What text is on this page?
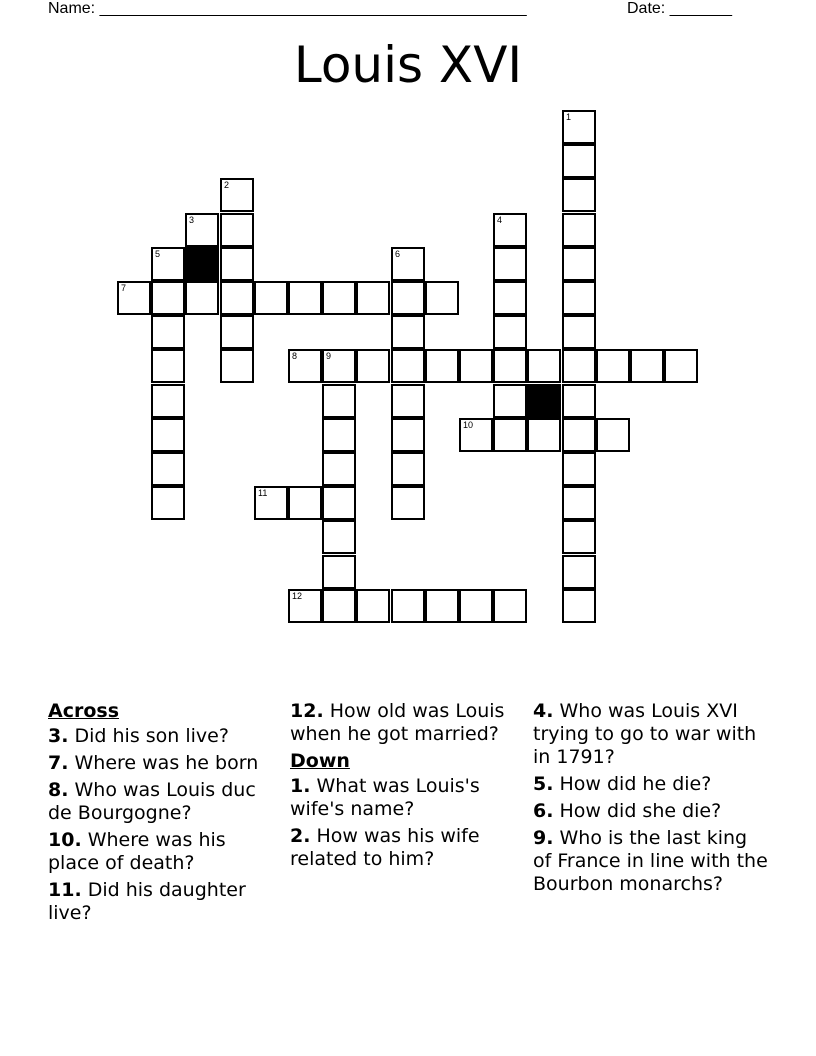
Name: ________________________________________________	Date: _______
Louis XVI
1
2
3	4
5	6
7
8	9
10
11
12
Across
3. Did his son live?
7. Where was he born
8. Who was Louis duc de Bourgogne?
10. Where was his place of death?
11. Did his daughter live?
12. How old was Louis when he got married?
Down
1. What was Louis's wife's name?
2. How was his wife related to him?
4. Who was Louis XVI trying to go to war with in 1791?
5. How did he die?
6. How did she die?
9. Who is the last king of France in line with the Bourbon monarchs?
